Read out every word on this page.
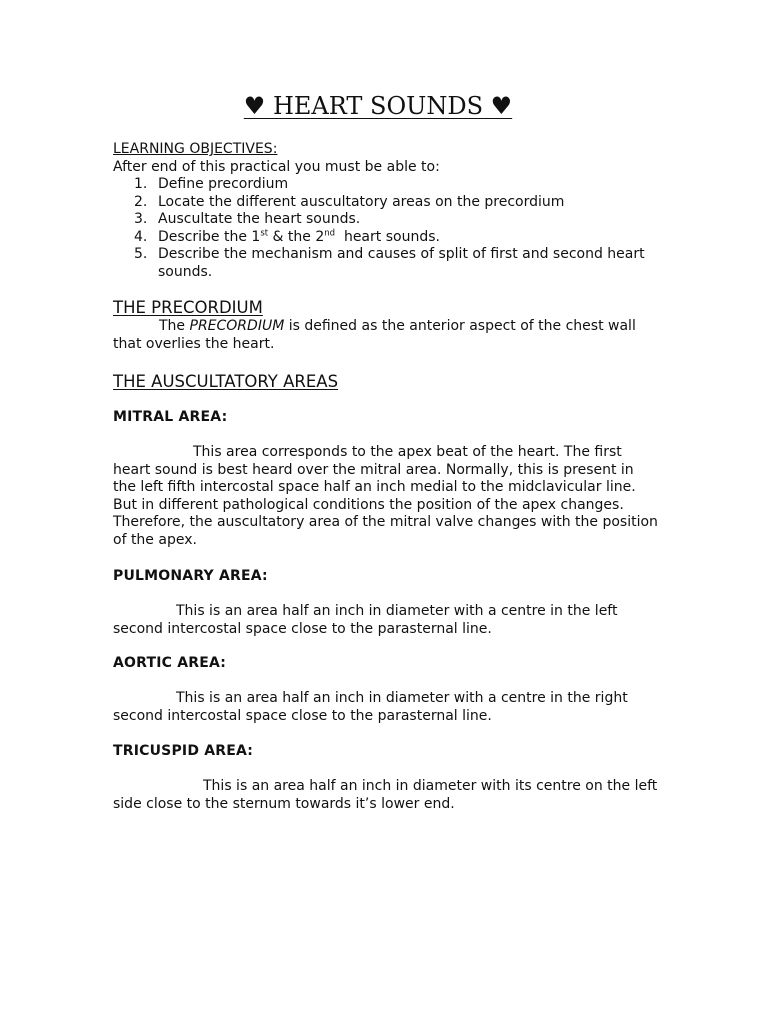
♥ HEART SOUNDS ♥
LEARNING OBJECTIVES:
After end of this practical you must be able to:
1. Define precordium
2. Locate the different auscultatory areas on the precordium
3. Auscultate the heart sounds.
4. Describe the 1st & the 2nd  heart sounds.
5. Describe the mechanism and causes of split of first and second heart sounds.
THE PRECORDIUM

The PRECORDIUM is defined as the anterior aspect of the chest wall that overlies the heart.

THE AUSCULTATORY AREAS
MITRAL AREA:

This area corresponds to the apex beat of the heart. The first heart sound is best heard over the mitral area. Normally, this is present in the left fifth intercostal space half an inch medial to the midclavicular line. But in different pathological conditions the position of the apex changes. Therefore, the auscultatory area of the mitral valve changes with the position of the apex.

PULMONARY AREA:

This is an area half an inch in diameter with a centre in the left second intercostal space close to the parasternal line.

AORTIC AREA:

This is an area half an inch in diameter with a centre in the right second intercostal space close to the parasternal line.

TRICUSPID AREA:

This is an area half an inch in diameter with its centre on the left side close to the sternum towards it’s lower end.
